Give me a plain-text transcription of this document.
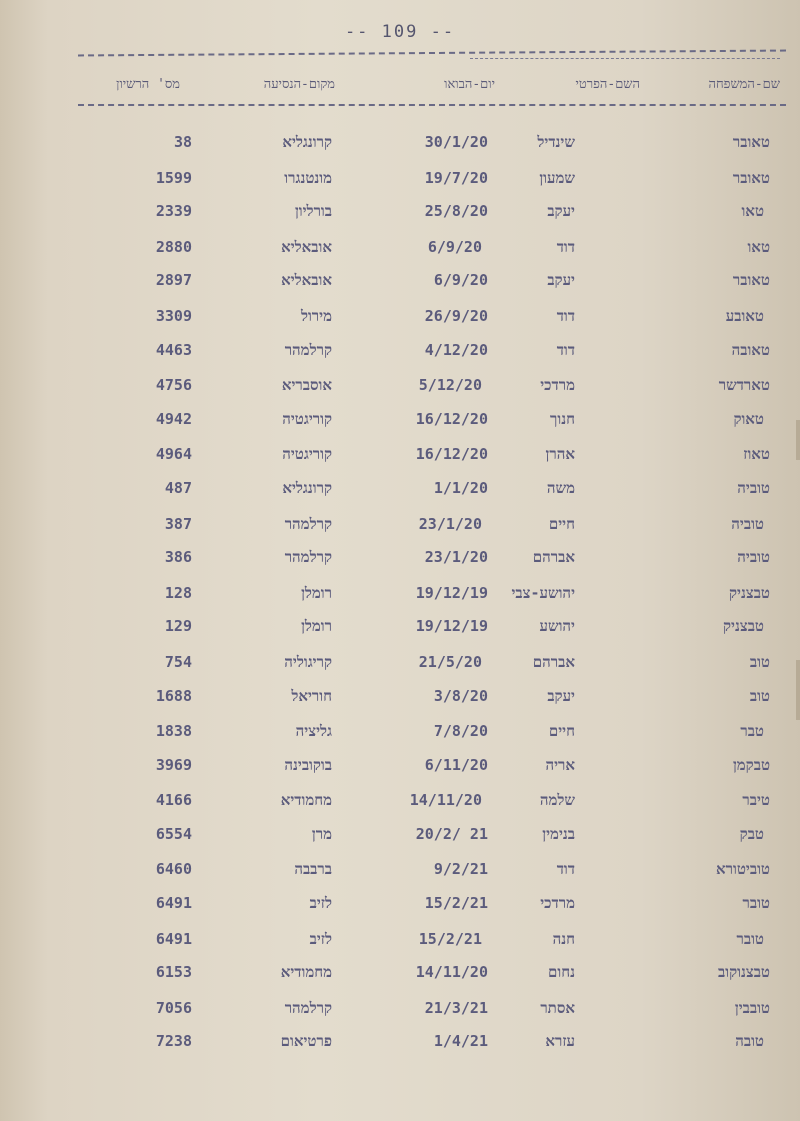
-- 109 --
שם-המשפחה
השם-הפרטי
יום-הבואו
מקום-הנסיעה
מס' הרשיון
טאובר
שינדיל
30/1/20
קרונגליא
38
טאובר
שמעון
19/7/20
מונטנגרו
1599
טאו
יעקב
25/8/20
בורליון
2339
טאו
דוד
6/9/20
אובאליא
2880
טאובר
יעקב
6/9/20
אובאליא
2897
טאובע
דוד
26/9/20
מירול
3309
טאובה
דוד
4/12/20
קרלמהר
4463
טארדשר
מרדכי
5/12/20
אוסבריא
4756
טאוק
חנוך
16/12/20
קוריגטיה
4942
טאוז
אהרן
16/12/20
קוריגטיה
4964
טוביה
משה
1/1/20
קרונגליא
487
טוביה
חיים
23/1/20
קרלמהר
387
טוביה
אברהם
23/1/20
קרלמהר
386
טבצניק
יהושע-צבי
19/12/19
רומלן
128
טבצניק
יהושע
19/12/19
רומלן
129
טוב
אברהם
21/5/20
קריגוליה
754
טוב
יעקב
3/8/20
חוריאל
1688
טבר
חיים
7/8/20
גליציה
1838
טבקמן
אריה
6/11/20
בוקובינה
3969
טיבר
שלמה
14/11/20
מחמודיא
4166
טבק
בנימין
20/2/ 21
מרן
6554
טוביטורא
דוד
9/2/21
ברבבה
6460
טובר
מרדכי
15/2/21
לזיב
6491
טובר
חנה
15/2/21
לזיב
6491
טבצנוקוב
נחום
14/11/20
מחמודיא
6153
טובבין
אסתר
21/3/21
קרלמהר
7056
טובה
עזרא
1/4/21
פרטיאום
7238
